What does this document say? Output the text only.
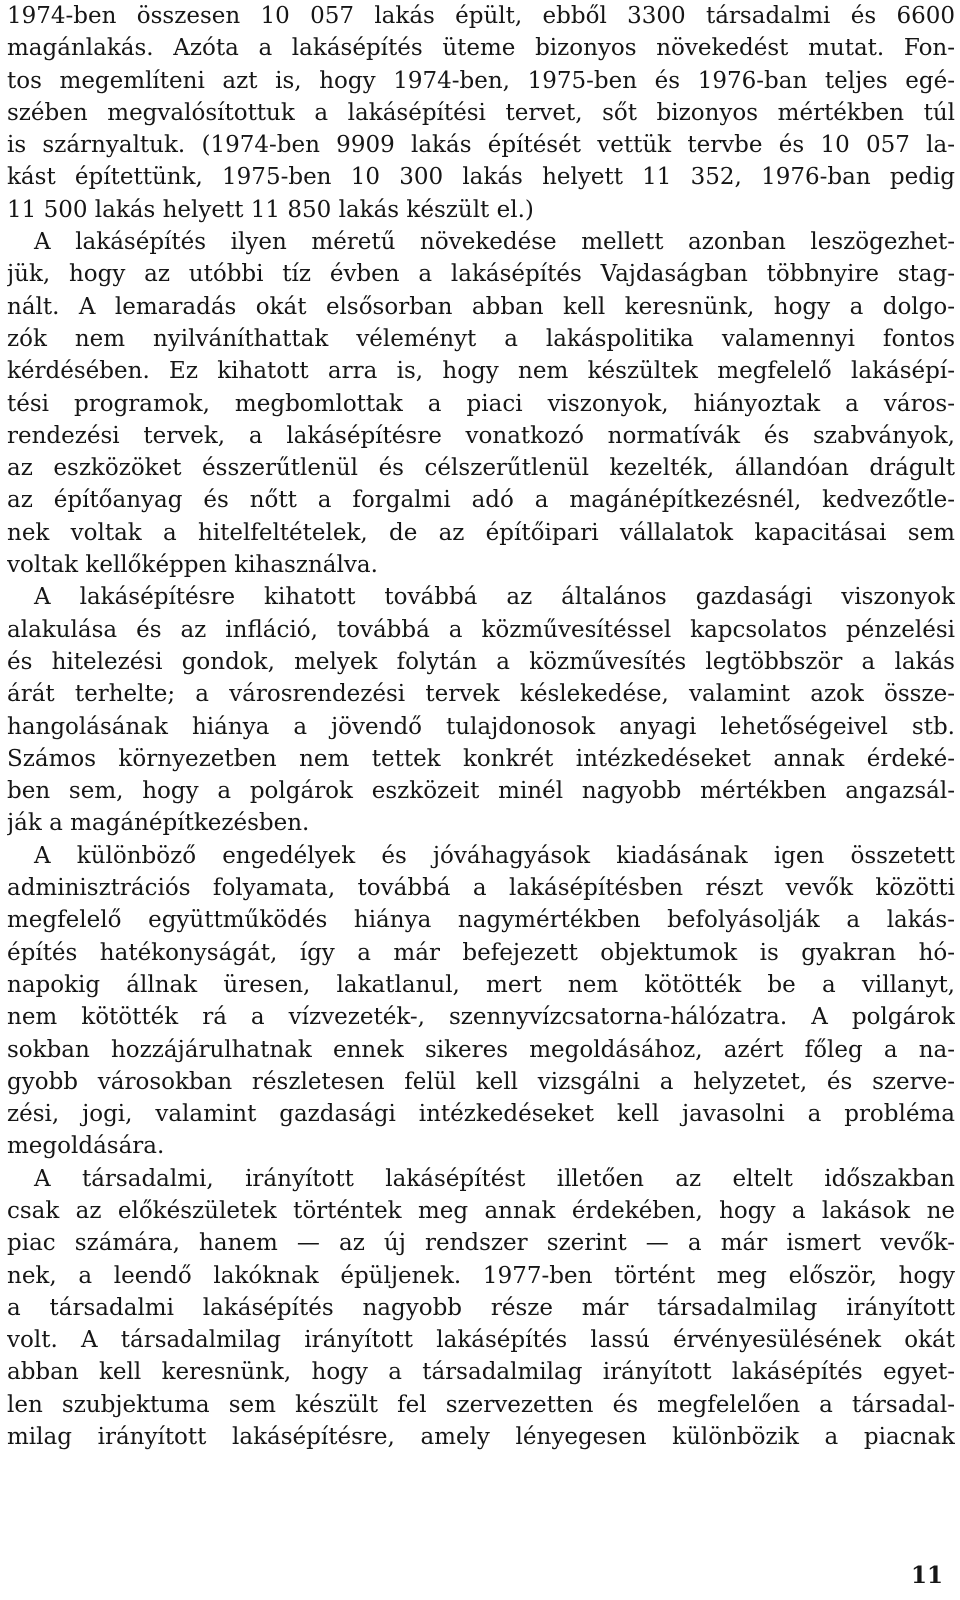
1974-ben összesen 10 057 lakás épült, ebből 3300 társadalmi és 6600
magánlakás. Azóta a lakásépítés üteme bizonyos növekedést mutat. Fon-
tos megemlíteni azt is, hogy 1974-ben, 1975-ben és 1976-ban teljes egé-
szében megvalósítottuk a lakásépítési tervet, sőt bizonyos mértékben túl
is szárnyaltuk. (1974-ben 9909 lakás építését vettük tervbe és 10 057 la-
kást építettünk, 1975-ben 10 300 lakás helyett 11 352, 1976-ban pedig
11 500 lakás helyett 11 850 lakás készült el.)
A lakásépítés ilyen méretű növekedése mellett azonban leszögezhet-
jük, hogy az utóbbi tíz évben a lakásépítés Vajdaságban többnyire stag-
nált. A lemaradás okát elsősorban abban kell keresnünk, hogy a dolgo-
zók nem nyilváníthattak véleményt a lakáspolitika valamennyi fontos
kérdésében. Ez kihatott arra is, hogy nem készültek megfelelő lakásépí-
tési programok, megbomlottak a piaci viszonyok, hiányoztak a város-
rendezési tervek, a lakásépítésre vonatkozó normatívák és szabványok,
az eszközöket ésszerűtlenül és célszerűtlenül kezelték, állandóan drágult
az építőanyag és nőtt a forgalmi adó a magánépítkezésnél, kedvezőtle-
nek voltak a hitelfeltételek, de az építőipari vállalatok kapacitásai sem
voltak kellőképpen kihasználva.
A lakásépítésre kihatott továbbá az általános gazdasági viszonyok
alakulása és az infláció, továbbá a közművesítéssel kapcsolatos pénzelési
és hitelezési gondok, melyek folytán a közművesítés legtöbbször a lakás
árát terhelte; a városrendezési tervek késlekedése, valamint azok össze-
hangolásának hiánya a jövendő tulajdonosok anyagi lehetőségeivel stb.
Számos környezetben nem tettek konkrét intézkedéseket annak érdeké-
ben sem, hogy a polgárok eszközeit minél nagyobb mértékben angazsál-
ják a magánépítkezésben.
A különböző engedélyek és jóváhagyások kiadásának igen összetett
adminisztrációs folyamata, továbbá a lakásépítésben részt vevők közötti
megfelelő együttműködés hiánya nagymértékben befolyásolják a lakás-
építés hatékonyságát, így a már befejezett objektumok is gyakran hó-
napokig állnak üresen, lakatlanul, mert nem kötötték be a villanyt,
nem kötötték rá a vízvezeték-, szennyvízcsatorna-hálózatra. A polgárok
sokban hozzájárulhatnak ennek sikeres megoldásához, azért főleg a na-
gyobb városokban részletesen felül kell vizsgálni a helyzetet, és szerve-
zési, jogi, valamint gazdasági intézkedéseket kell javasolni a probléma
megoldására.
A társadalmi, irányított lakásépítést illetően az eltelt időszakban
csak az előkészületek történtek meg annak érdekében, hogy a lakások ne
piac számára, hanem — az új rendszer szerint — a már ismert vevők-
nek, a leendő lakóknak épüljenek. 1977-ben történt meg először, hogy
a társadalmi lakásépítés nagyobb része már társadalmilag irányított
volt. A társadalmilag irányított lakásépítés lassú érvényesülésének okát
abban kell keresnünk, hogy a társadalmilag irányított lakásépítés egyet-
len szubjektuma sem készült fel szervezetten és megfelelően a társadal-
milag irányított lakásépítésre, amely lényegesen különbözik a piacnak
11
